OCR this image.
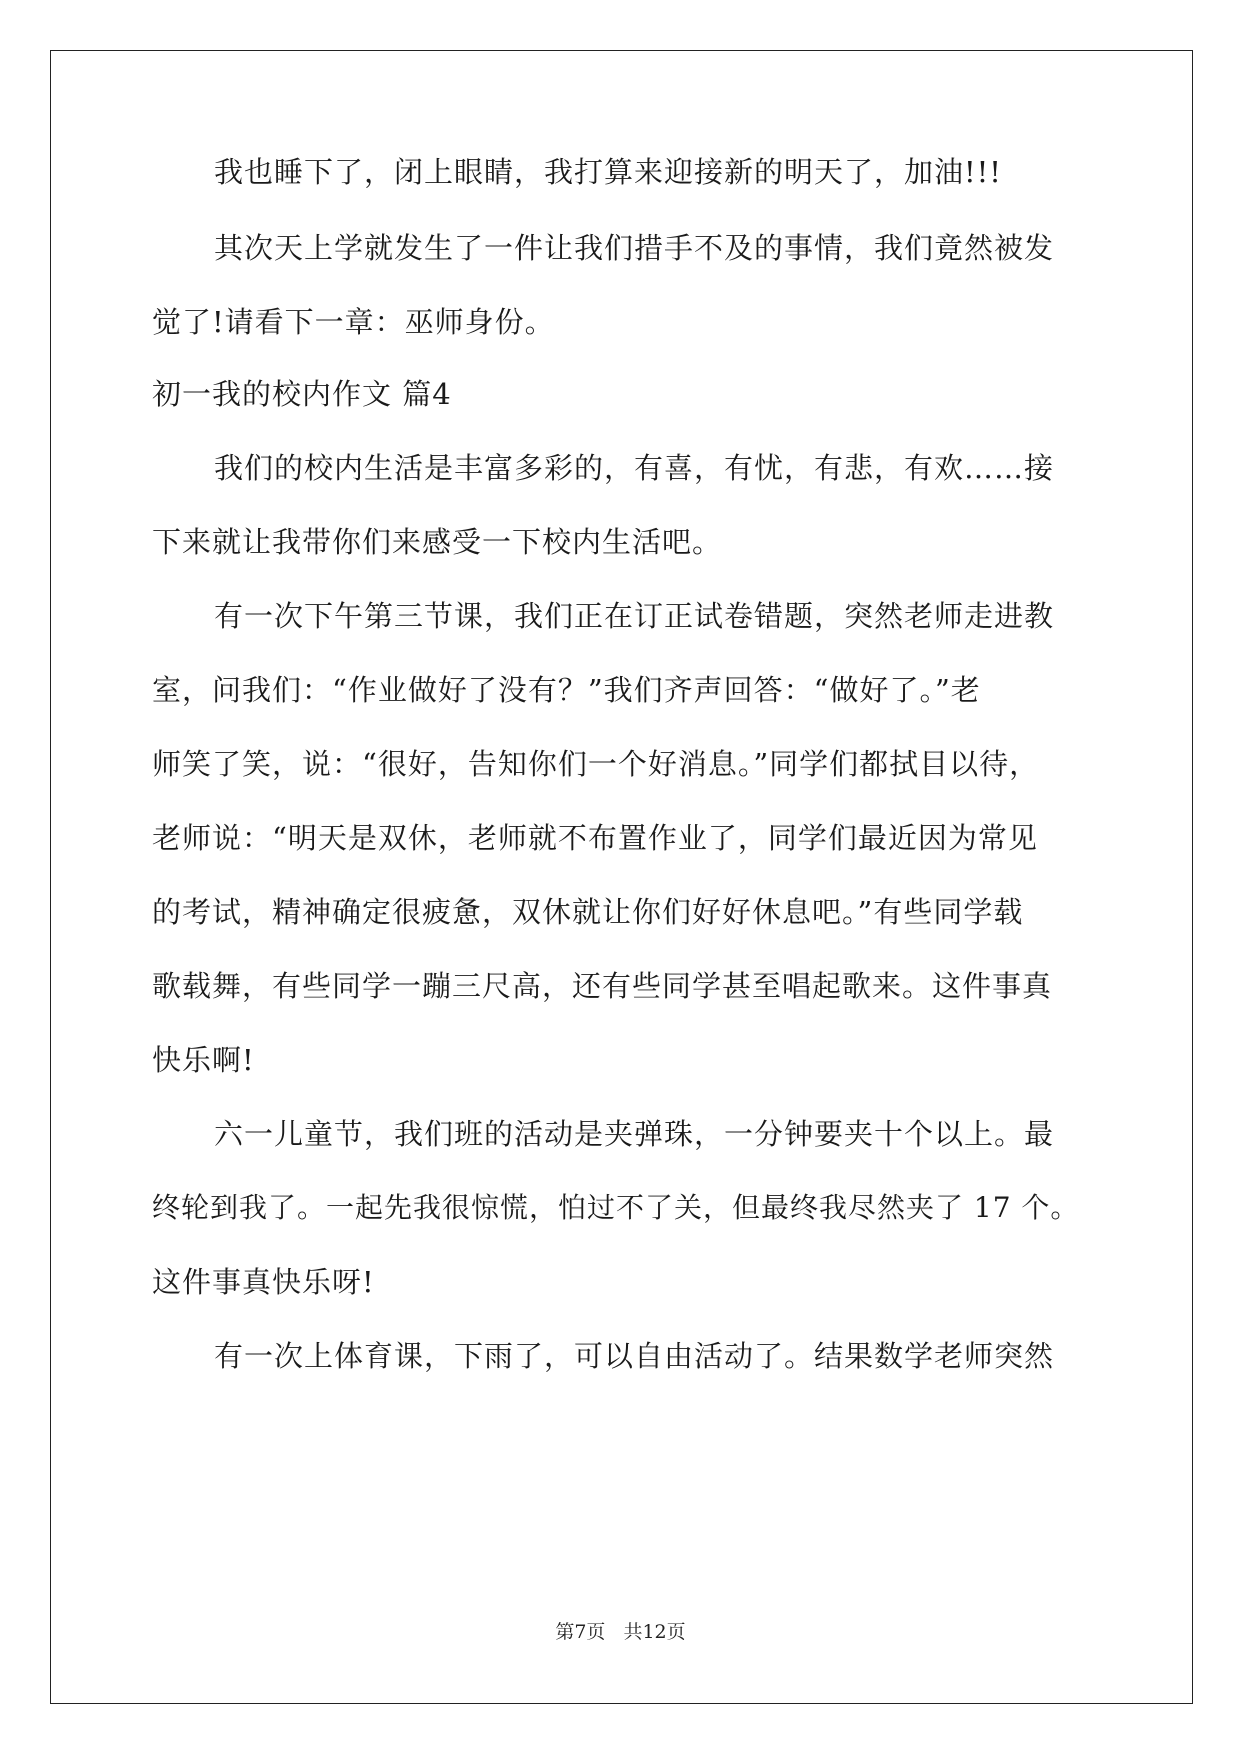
我也睡下了，闭上眼睛，我打算来迎接新的明天了，加油!!!
其次天上学就发生了一件让我们措手不及的事情，我们竟然被发
觉了!请看下一章：巫师身份。
初一我的校内作文 篇4
我们的校内生活是丰富多彩的，有喜，有忧，有悲，有欢……接
下来就让我带你们来感受一下校内生活吧。
有一次下午第三节课，我们正在订正试卷错题，突然老师走进教
室，问我们：“作业做好了没有？”我们齐声回答：“做好了。”老
师笑了笑，说：“很好，告知你们一个好消息。”同学们都拭目以待，
老师说：“明天是双休，老师就不布置作业了，同学们最近因为常见
的考试，精神确定很疲惫，双休就让你们好好休息吧。”有些同学载
歌载舞，有些同学一蹦三尺高，还有些同学甚至唱起歌来。这件事真
快乐啊!
六一儿童节，我们班的活动是夹弹珠，一分钟要夹十个以上。最
终轮到我了。一起先我很惊慌，怕过不了关，但最终我尽然夹了 17 个。
这件事真快乐呀!
有一次上体育课，下雨了，可以自由活动了。结果数学老师突然
第7页 共12页
